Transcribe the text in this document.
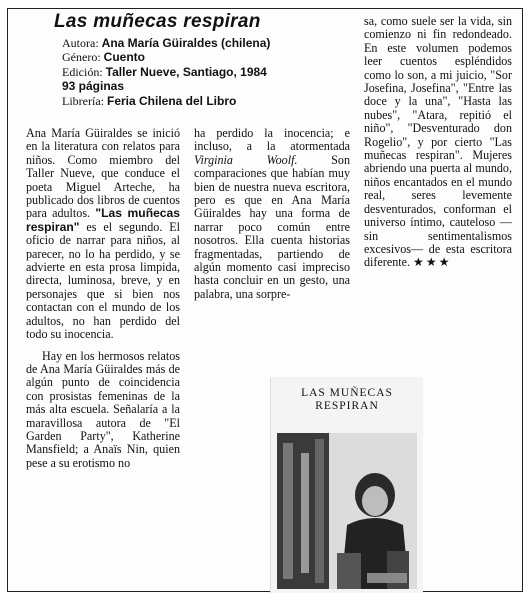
Las muñecas respiran
Autora: Ana María Güiraldes (chilena)
Género: Cuento
Edición: Taller Nueve, Santiago, 1984
93 páginas
Librería: Feria Chilena del Libro

Ana María Güiraldes se inició en la literatura con relatos para niños. Como miembro del Taller Nueve, que conduce el poeta Miguel Arteche, ha publicado dos libros de cuentos para adultos. "Las muñecas respiran" es el segundo. El oficio de narrar para niños, al parecer, no lo ha perdido, y se advierte en esta prosa limpida, directa, luminosa, breve, y en personajes que si bien nos contactan con el mundo de los adultos, no han perdido del todo su inocencia.

Hay en los hermosos relatos de Ana María Güiraldes más de algún punto de coincidencia con prosistas femeninas de la más alta escuela. Señalaría a la maravillosa autora de "El Garden Party", Katherine Mansfield; a Anaïs Nin, quien pese a su erotismo no

ha perdido la inocencia; e incluso, a la atormentada Virginia Woolf.	Son comparaciones que habían muy bien de nuestra nueva escritora, pero es que en Ana María Güiraldes hay una forma de narrar poco común entre nosotros. Ella cuenta historias fragmentadas, partiendo de algún momento casi impreciso hasta concluir en un gesto, una palabra, una sorpre-

sa, como suele ser la vida, sin comienzo ni fin redondeado. En este volumen podemos leer cuentos espléndidos como lo son, a mi juicio, "Sor Josefina, Josefina", "Entre las doce y la una", "Hasta las nubes", "Atara, repitió el niño", "Desventurado don Rogelio", y por cierto "Las muñecas respiran". Mujeres abriendo una puerta al mundo, niños encantados en el mundo real, seres levemente desventurados, conforman el universo íntimo, cauteloso —sin sentimentalismos excesivos— de esta escritora diferente. ★★★

LAS MUÑECAS
RESPIRAN
